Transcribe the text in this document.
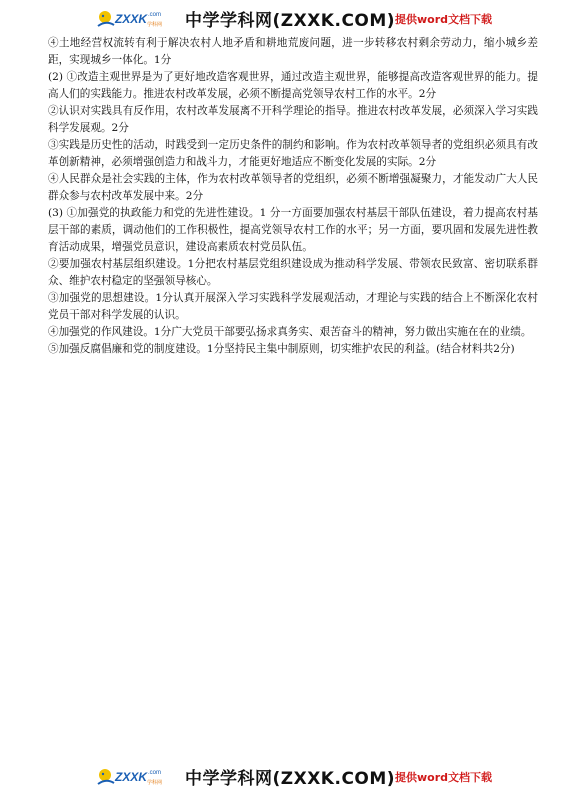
ZXXK .com
学科网 中学学科网(ZXXK.COM) 提供word文档下载

④土地经营权流转有利于解决农村人地矛盾和耕地荒废问题，进一步转移农村剩余劳动力，缩小城乡差距，实现城乡一体化。1分

(2) ①改造主观世界是为了更好地改造客观世界，通过改造主观世界，能够提高改造客观世界的能力。提高人们的实践能力。推进农村改革发展，必须不断提高党领导农村工作的水平。2分

②认识对实践具有反作用，农村改革发展离不开科学理论的指导。推进农村改革发展，必须深入学习实践科学发展观。2分

③实践是历史性的活动，时践受到一定历史条件的制约和影响。作为农村改革领导者的党组织必须具有改革创新精神，必须增强创造力和战斗力，才能更好地适应不断变化发展的实际。2分

④人民群众是社会实践的主体，作为农村改革领导者的党组织，必须不断增强凝聚力，才能发动广大人民群众参与农村改革发展中来。2分

(3) ①加强党的执政能力和党的先进性建设。1 分一方面要加强农村基层干部队伍建设，着力提高农村基层干部的素质，调动他们的工作积极性，提高党领导农村工作的水平；另一方面，要巩固和发展先进性教育活动成果，增强党员意识，建设高素质农村党员队伍。

②要加强农村基层组织建设。1分把农村基层党组织建设成为推动科学发展、带领农民致富、密切联系群众、维护农村稳定的坚强领导核心。

③加强党的思想建设。1分认真开展深入学习实践科学发展观活动，才理论与实践的结合上不断深化农村党员干部对科学发展的认识。

④加强党的作风建设。1分广大党员干部要弘扬求真务实、艰苦奋斗的精神，努力做出实施在在的业绩。

⑤加强反腐倡廉和党的制度建设。1分坚持民主集中制原则，切实维护农民的利益。(结合材料共2分)

ZXXK .com
学科网 中学学科网(ZXXK.COM) 提供word文档下载
